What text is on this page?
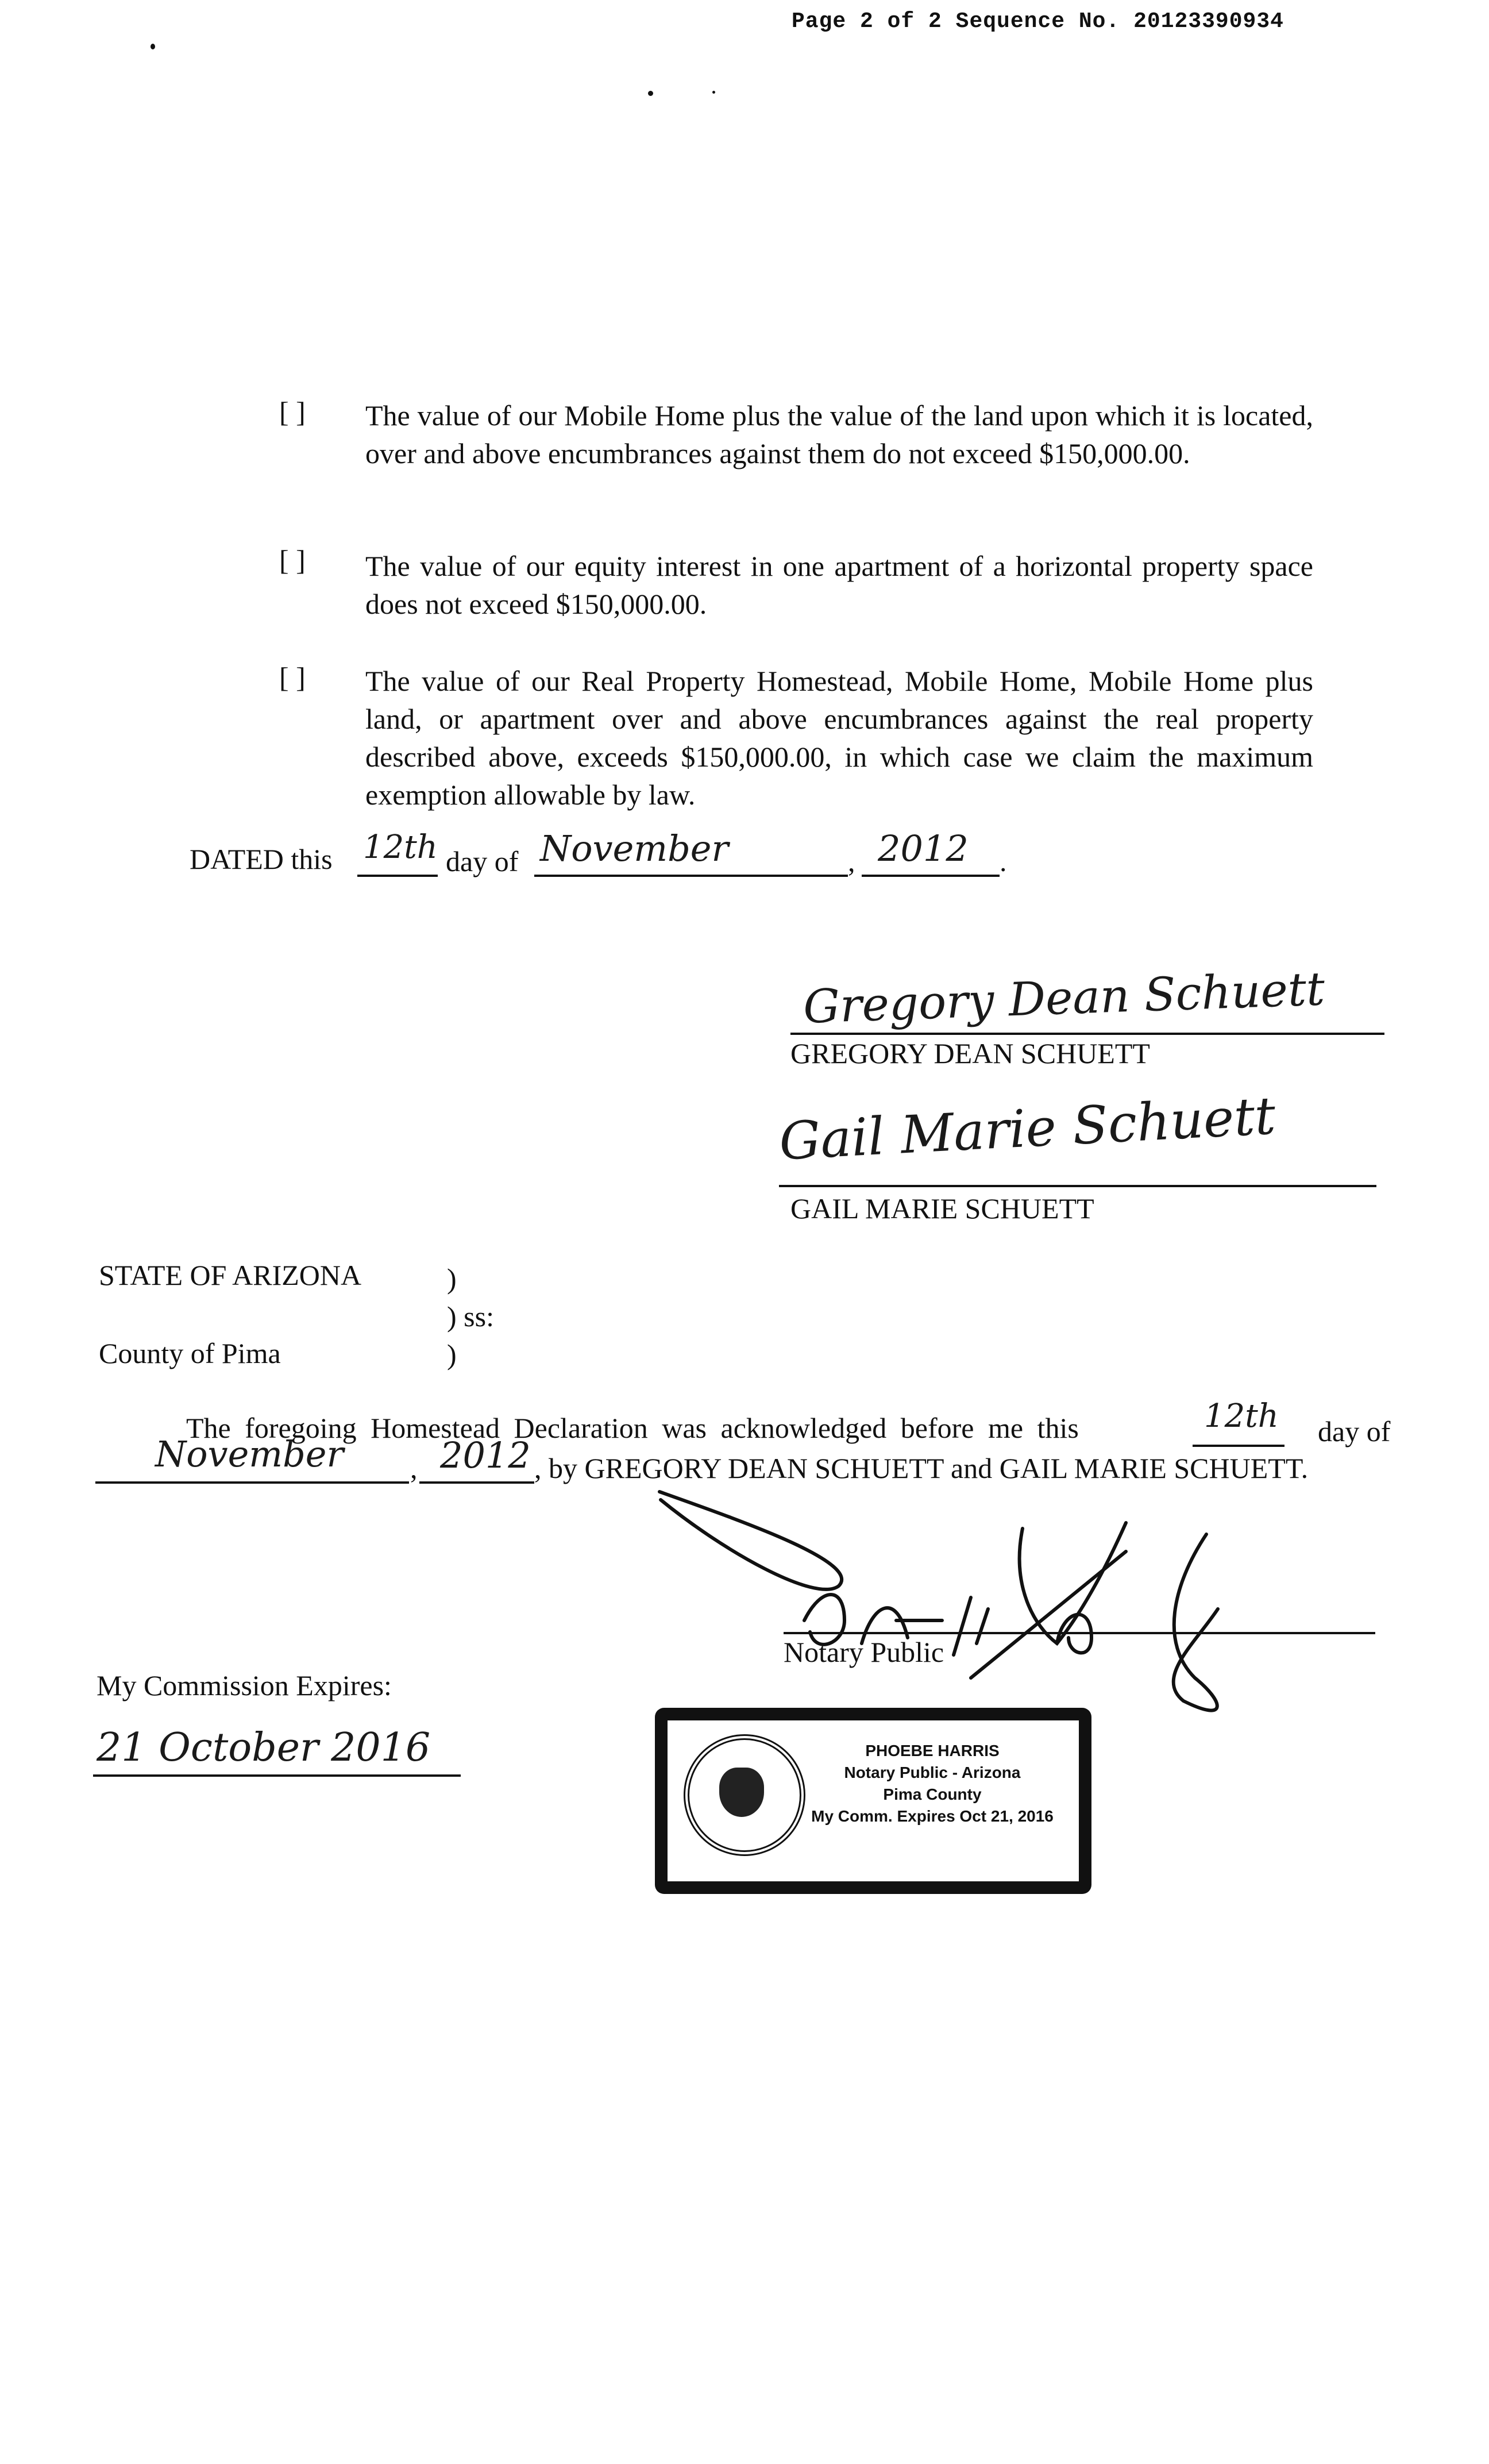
Page 2 of 2 Sequence No. 20123390934
[ ] The value of our Mobile Home plus the value of the land upon which it is located, over and above encumbrances against them do not exceed $150,000.00.
[ ] The value of our equity interest in one apartment of a horizontal property space does not exceed $150,000.00.
[ ] The value of our Real Property Homestead, Mobile Home, Mobile Home plus land, or apartment over and above encumbrances against the real property described above, exceeds $150,000.00, in which case we claim the maximum exemption allowable by law.
DATED this 12th day of November	, 2012 .
Gregory Dean Schuett
GREGORY DEAN SCHUETT
Gail Marie Schuett
GAIL MARIE SCHUETT
STATE OF ARIZONA	)
) ss:
County of Pima	)
The foregoing Homestead Declaration was acknowledged before me this	12th day of
November , 2012 , by GREGORY DEAN SCHUETT and GAIL MARIE SCHUETT.
Notary Public
My Commission Expires:
21 October 2016	PHOEBE HARRIS
Notary Public - Arizona
Pima County
My Comm. Expires Oct 21, 2016
